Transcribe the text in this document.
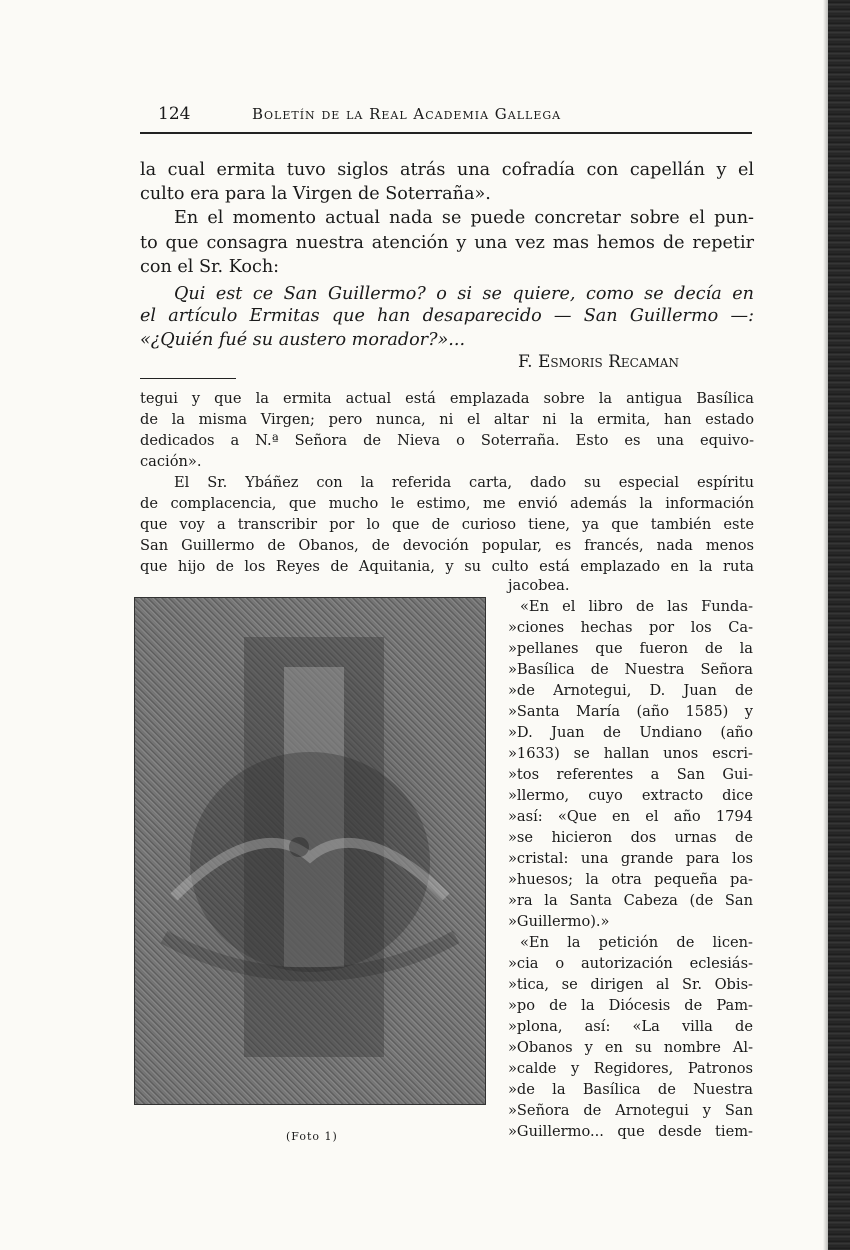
124	Boletín de la Real Academia Gallega
la cual ermita tuvo siglos atrás una cofradía con capellán y el
culto era para la Virgen de Soterraña».
En el momento actual nada se puede concretar sobre el pun-
to que consagra nuestra atención y una vez mas hemos de repetir
con el Sr. Koch:
Qui est ce San Guillermo? o si se quiere, como se decía en
el artículo Ermitas que han desaparecido — San Guillermo —:
«¿Quién fué su austero morador?»...
F. Esmoris Recaman
tegui y que la ermita actual está emplazada sobre la antigua Basílica
de la misma Virgen; pero nunca, ni el altar ni la ermita, han estado
dedicados a N.ª Señora de Nieva o Soterraña. Esto es una equivo-
cación».
El Sr. Ybáñez con la referida carta, dado su especial espíritu
de complacencia, que mucho le estimo, me envió además la información
que voy a transcribir por lo que de curioso tiene, ya que también este
San Guillermo de Obanos, de devoción popular, es francés, nada menos
que hijo de los Reyes de Aquitania, y su culto está emplazado en la ruta
(Foto 1)
jacobea.
«En el libro de las Funda-
»ciones hechas por los Ca-
»pellanes que fueron de la
»Basílica de Nuestra Señora
»de Arnotegui, D. Juan de
»Santa María (año 1585) y
»D. Juan de Undiano (año
»1633) se hallan unos escri-
»tos referentes a San Gui-
»llermo, cuyo extracto dice
»así: «Que en el año 1794
»se hicieron dos urnas de
»cristal: una grande para los
»huesos; la otra pequeña pa-
»ra la Santa Cabeza (de San
»Guillermo).»
«En la petición de licen-
»cia o autorización eclesiás-
»tica, se dirigen al Sr. Obis-
»po de la Diócesis de Pam-
»plona, así: «La villa de
»Obanos y en su nombre Al-
»calde y Regidores, Patronos
»de la Basílica de Nuestra
»Señora de Arnotegui y San
»Guillermo... que desde tiem-
